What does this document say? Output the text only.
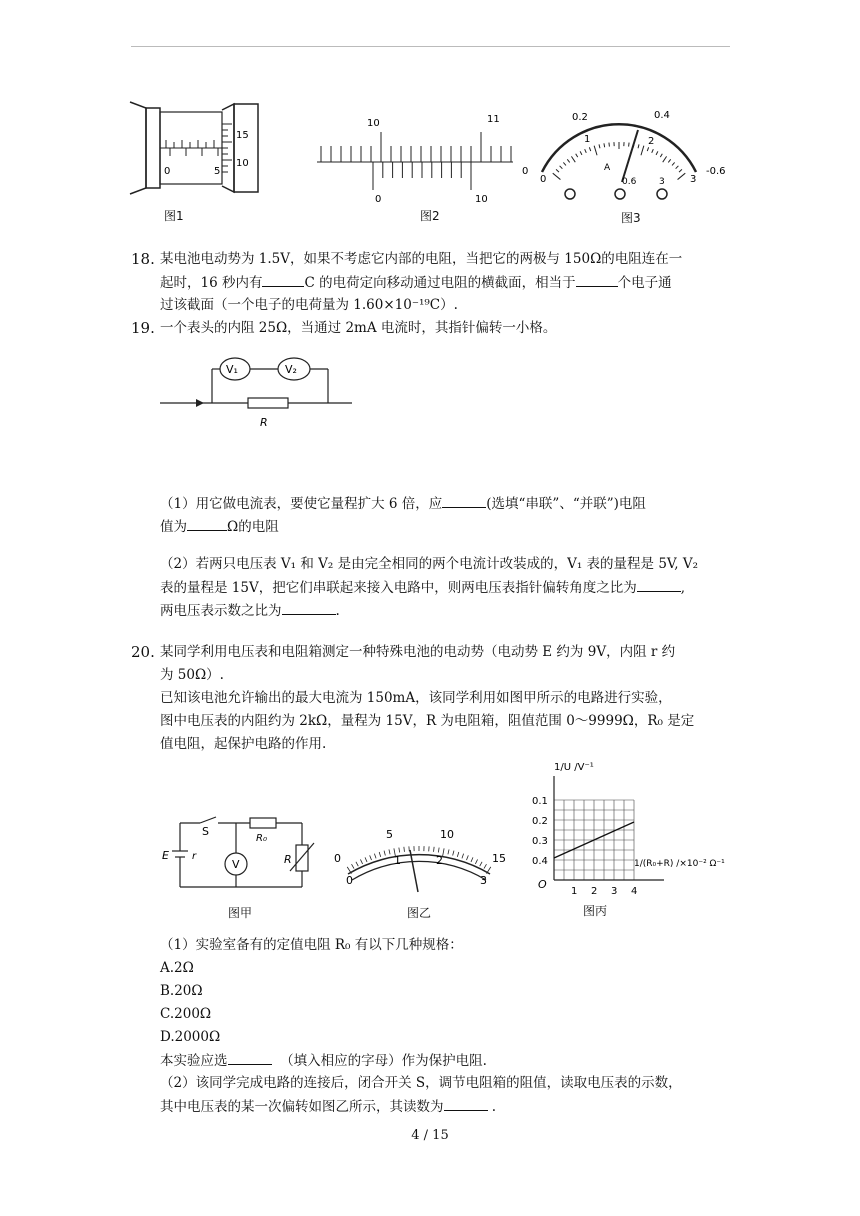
15
10
0	5
图1
10	11
0	10
图2
0.2	0.4
0
1	2
3
0	-0.6
A
0.6	3
图3
18. 某电池电动势为 1.5V，如果不考虑它内部的电阻，当把它的两极与 150Ω的电阻连在一
起时，16 秒内有	C 的电荷定向移动通过电阻的横截面，相当于	个电子通
过该截面（一个电子的电荷量为 1.60×10⁻¹⁹C）.
19. 一个表头的内阻 25Ω，当通过 2mA 电流时，其指针偏转一小格。
V₁	V₂
R
（1）用它做电流表，要使它量程扩大 6 倍，应	(选填“串联”、“并联”)电阻
值为	Ω的电阻
（2）若两只电压表 V₁ 和 V₂ 是由完全相同的两个电流计改装成的，V₁ 表的量程是 5V, V₂
表的量程是 15V，把它们串联起来接入电路中，则两电压表指针偏转角度之比为	,
两电压表示数之比为	.
20. 某同学利用电压表和电阻箱测定一种特殊电池的电动势（电动势 E 约为 9V，内阻 r 约
为 50Ω）.
已知该电池允许输出的最大电流为 150mA，该同学利用如图甲所示的电路进行实验，
图中电压表的内阻约为 2kΩ，量程为 15V，R 为电阻箱，阻值范围 0～9999Ω，R₀ 是定
值电阻，起保护电路的作用.
S
R₀
E r
V	R
图甲
0
5	10
15
0
1	2
3
图乙
1/U /V⁻¹
1/(R₀+R) /×10⁻² Ω⁻¹
O
1 2 3 4
0.4
0.3
0.2
0.1
图丙
（1）实验室备有的定值电阻 R₀ 有以下几种规格：
A.2Ω
B.20Ω
C.200Ω
D.2000Ω
本实验应选	（填入相应的字母）作为保护电阻.
（2）该同学完成电路的连接后，闭合开关 S，调节电阻箱的阻值，读取电压表的示数，
其中电压表的某一次偏转如图乙所示，其读数为	.
4 / 15
